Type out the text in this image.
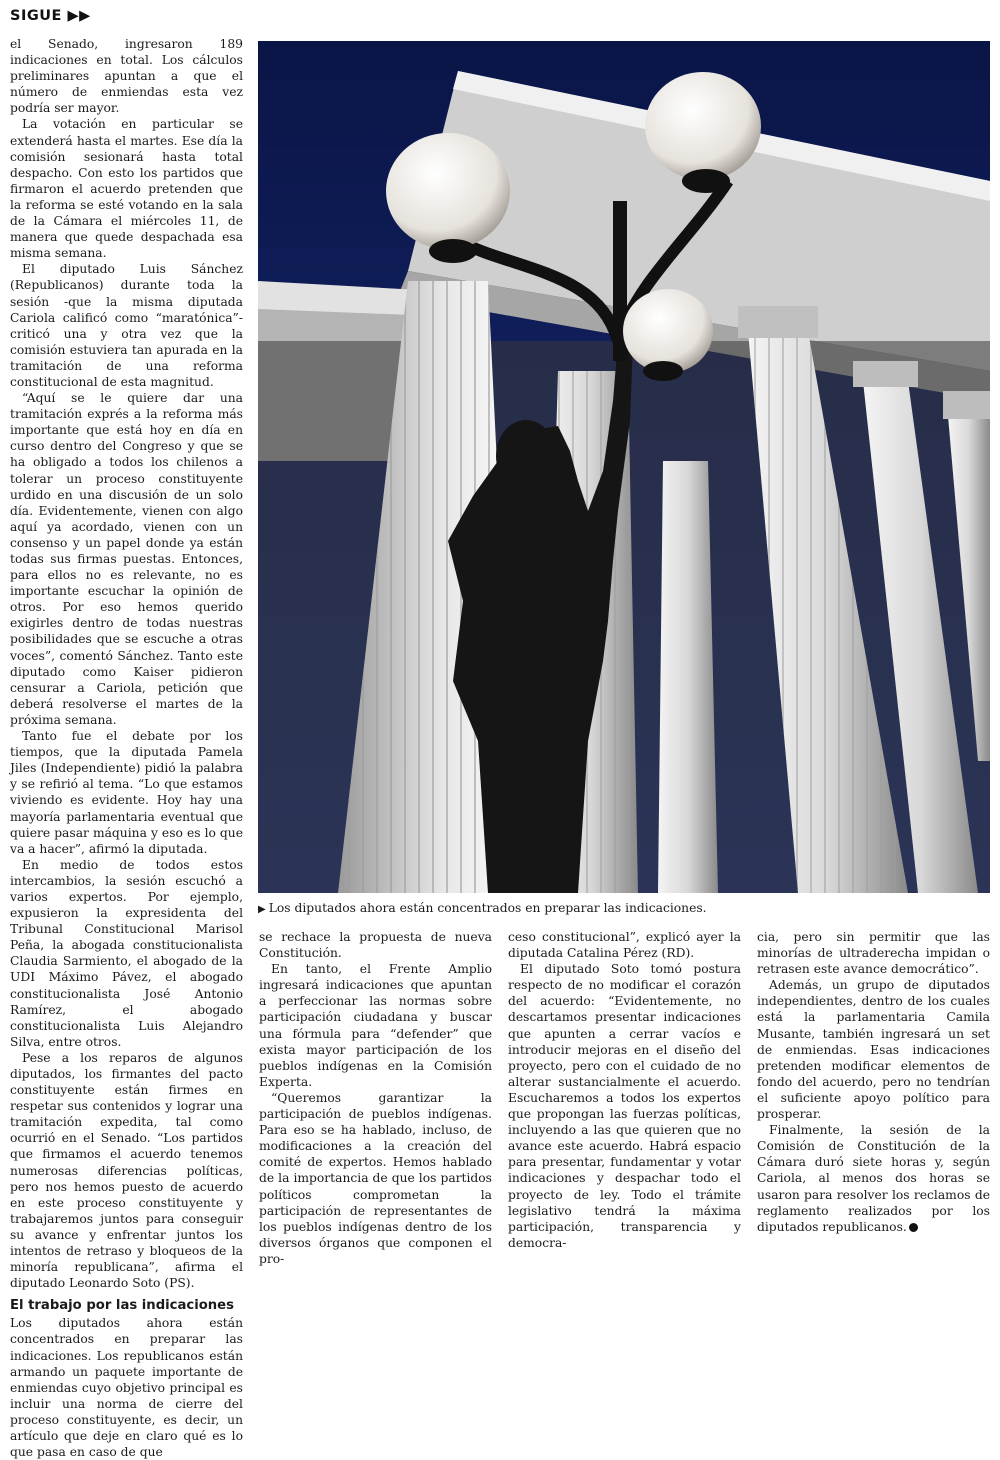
SIGUE ▶▶

el Senado, ingresaron 189 indicaciones en total. Los cálculos preliminares apuntan a que el número de enmiendas esta vez podría ser mayor.

La votación en particular se extenderá hasta el martes. Ese día la comisión sesionará hasta total despacho. Con esto los partidos que firmaron el acuerdo pretenden que la reforma se esté votando en la sala de la Cámara el miércoles 11, de manera que quede despachada esa misma semana.

El diputado Luis Sánchez (Republicanos) durante toda la sesión -que la misma diputada Cariola calificó como “maratónica”- criticó una y otra vez que la comisión estuviera tan apurada en la tramitación de una reforma constitucional de esta magnitud.

“Aquí se le quiere dar una tramitación exprés a la reforma más importante que está hoy en día en curso dentro del Congreso y que se ha obligado a todos los chilenos a tolerar un proceso constituyente urdido en una discusión de un solo día. Evidentemente, vienen con algo aquí ya acordado, vienen con un consenso y un papel donde ya están todas sus firmas puestas. Entonces, para ellos no es relevante, no es importante escuchar la opinión de otros. Por eso hemos querido exigirles dentro de todas nuestras posibilidades que se escuche a otras voces”, comentó Sánchez. Tanto este diputado como Kaiser pidieron censurar a Cariola, petición que deberá resolverse el martes de la próxima semana.

Tanto fue el debate por los tiempos, que la diputada Pamela Jiles (Independiente) pidió la palabra y se refirió al tema. “Lo que estamos viviendo es evidente. Hoy hay una mayoría parlamentaria eventual que quiere pasar máquina y eso es lo que va a hacer”, afirmó la diputada.

En medio de todos estos intercambios, la sesión escuchó a varios expertos. Por ejemplo, expusieron la expresidenta del Tribunal Constitucional Marisol Peña, la abogada constitucionalista Claudia Sarmiento, el abogado de la UDI Máximo Pávez, el abogado constitucionalista José Antonio Ramírez, el abogado constitucionalista Luis Alejandro Silva, entre otros.

Pese a los reparos de algunos diputados, los firmantes del pacto constituyente están firmes en respetar sus contenidos y lograr una tramitación expedita, tal como ocurrió en el Senado. “Los partidos que firmamos el acuerdo tenemos numerosas diferencias políticas, pero nos hemos puesto de acuerdo en este proceso constituyente y trabajaremos juntos para conseguir su avance y enfrentar juntos los intentos de retraso y bloqueos de la minoría republicana”, afirma el diputado Leonardo Soto (PS).

El trabajo por las indicaciones

Los diputados ahora están concentrados en preparar las indicaciones. Los republicanos están armando un paquete importante de enmiendas cuyo objetivo principal es incluir una norma de cierre del proceso constituyente, es decir, un artículo que deje en claro qué es lo que pasa en caso de que

▶ Los diputados ahora están concentrados en preparar las indicaciones.

se rechace la propuesta de nueva Constitución.

En tanto, el Frente Amplio ingresará indicaciones que apuntan a perfeccionar las normas sobre participación ciudadana y buscar una fórmula para “defender” que exista mayor participación de los pueblos indígenas en la Comisión Experta.

“Queremos garantizar la participación de pueblos indígenas. Para eso se ha hablado, incluso, de modificaciones a la creación del comité de expertos. Hemos hablado de la importancia de que los partidos políticos comprometan la participación de representantes de los pueblos indígenas dentro de los diversos órganos que componen el pro-

ceso constitucional”, explicó ayer la diputada Catalina Pérez (RD).

El diputado Soto tomó postura respecto de no modificar el corazón del acuerdo: “Evidentemente, no descartamos presentar indicaciones que apunten a cerrar vacíos e introducir mejoras en el diseño del proyecto, pero con el cuidado de no alterar sustancialmente el acuerdo. Escucharemos a todos los expertos que propongan las fuerzas políticas, incluyendo a las que quieren que no avance este acuerdo. Habrá espacio para presentar, fundamentar y votar indicaciones y despachar todo el proyecto de ley. Todo el trámite legislativo tendrá la máxima participación, transparencia y democra-

cia, pero sin permitir que las minorías de ultraderecha impidan o retrasen este avance democrático”.

Además, un grupo de diputados independientes, dentro de los cuales está la parlamentaria Camila Musante, también ingresará un set de enmiendas. Esas indicaciones pretenden modificar elementos de fondo del acuerdo, pero no tendrían el suficiente apoyo político para prosperar.

Finalmente, la sesión de la Comisión de Constitución de la Cámara duró siete horas y, según Cariola, al menos dos horas se usaron para resolver los reclamos de reglamento realizados por los diputados republicanos.
